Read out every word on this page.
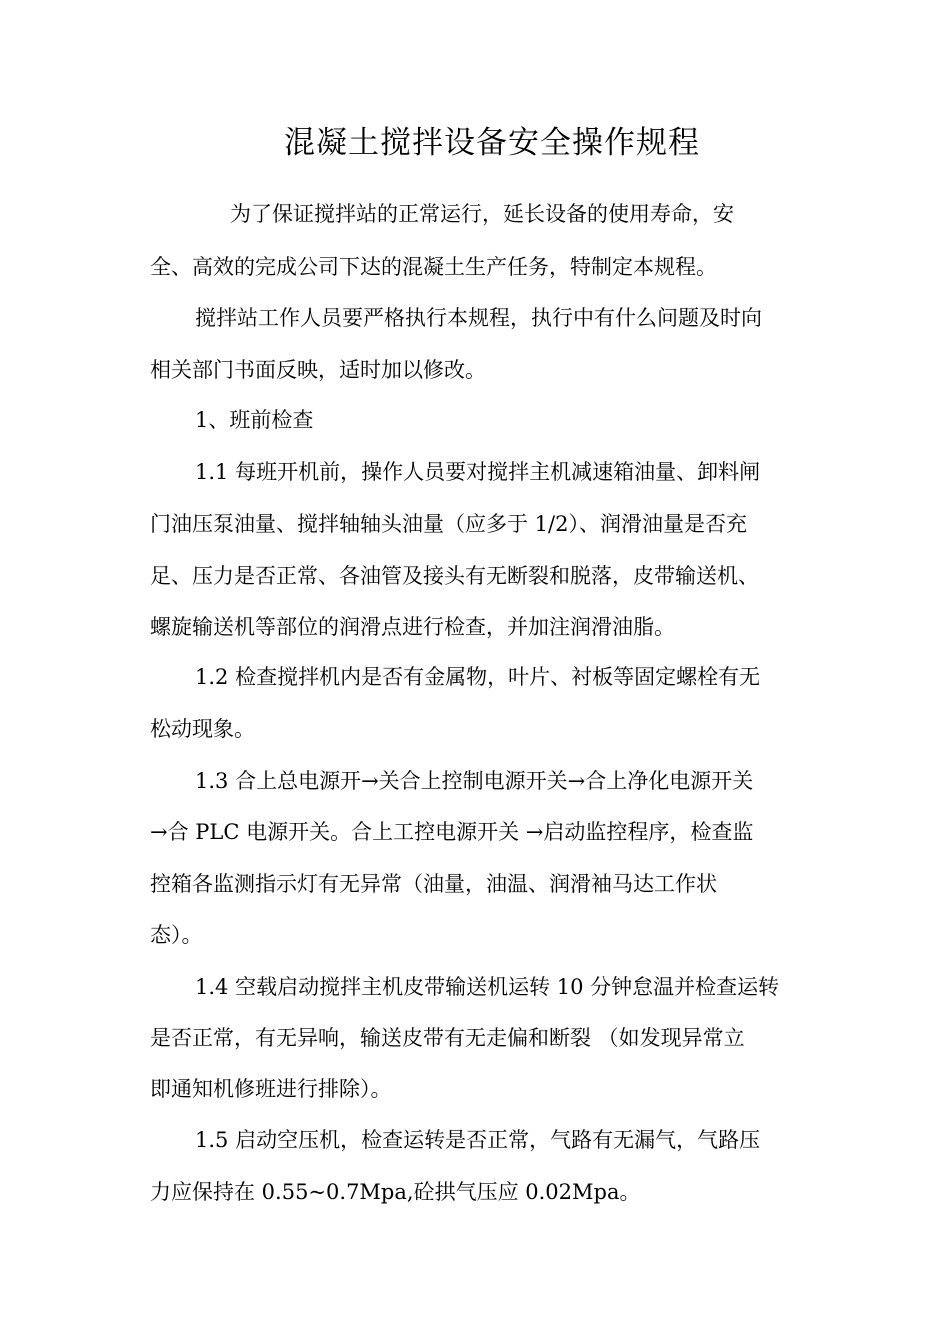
混凝土搅拌设备安全操作规程

为了保证搅拌站的正常运行，延长设备的使用寿命，安

全、高效的完成公司下达的混凝土生产任务，特制定本规程。

搅拌站工作人员要严格执行本规程，执行中有什么问题及时向

相关部门书面反映，适时加以修改。

1、班前检查

1.1 每班开机前，操作人员要对搅拌主机减速箱油量、卸料闸

门油压泵油量、搅拌轴轴头油量（应多于 1/2）、润滑油量是否充

足、压力是否正常、各油管及接头有无断裂和脱落，皮带输送机、

螺旋输送机等部位的润滑点进行检查，并加注润滑油脂。

1.2 检查搅拌机内是否有金属物，叶片、衬板等固定螺栓有无

松动现象。

1.3 合上总电源开→关合上控制电源开关→合上净化电源开关

→合 PLC 电源开关。合上工控电源开关 →启动监控程序，检查监

控箱各监测指示灯有无异常（油量，油温、润滑袖马达工作状

态）。

1.4 空载启动搅拌主机皮带输送机运转 10 分钟怠温并检查运转

是否正常，有无异响，输送皮带有无走偏和断裂 （如发现异常立

即通知机修班进行排除）。

1.5 启动空压机，检查运转是否正常，气路有无漏气，气路压

力应保持在 0.55~0.7Mpa,砼拱气压应 0.02Mpa。
